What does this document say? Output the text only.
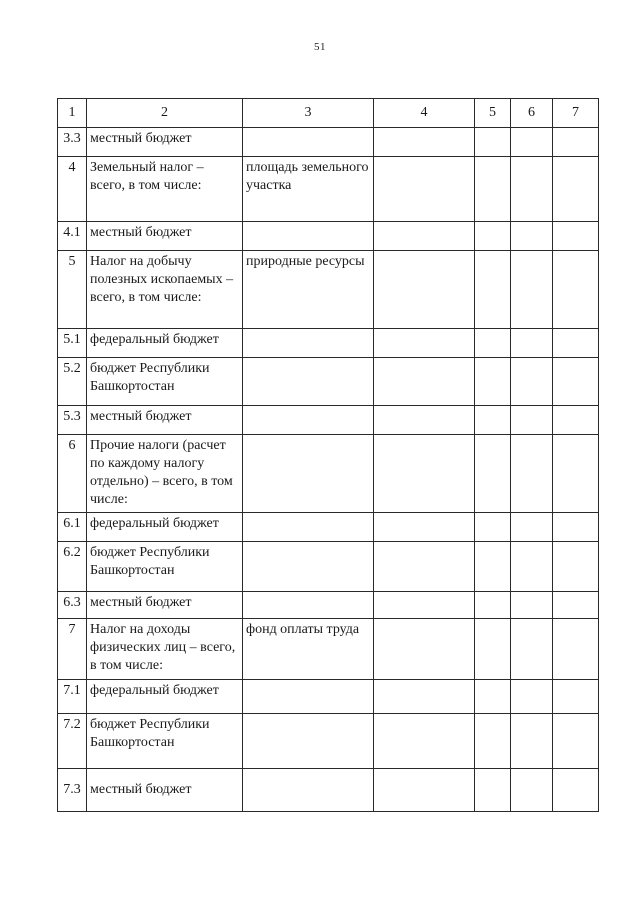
51
1	2	3	4	5	6	7
3.3	местный бюджет					
4	Земельный налог – всего, в том числе:	площадь земельного участка				
4.1	местный бюджет					
5	Налог на добычу полезных ископаемых – всего, в том числе:	природные ресурсы				
5.1	федеральный бюджет					
5.2	бюджет Республики Башкортостан					
5.3	местный бюджет					
6	Прочие налоги (расчет по каждому налогу отдельно) – всего, в том числе:					
6.1	федеральный бюджет					
6.2	бюджет Республики Башкортостан					
6.3	местный бюджет					
7	Налог на доходы физических лиц – всего, в том числе:	фонд оплаты труда				
7.1	федеральный бюджет					
7.2	бюджет Республики Башкортостан					
7.3	местный бюджет					
